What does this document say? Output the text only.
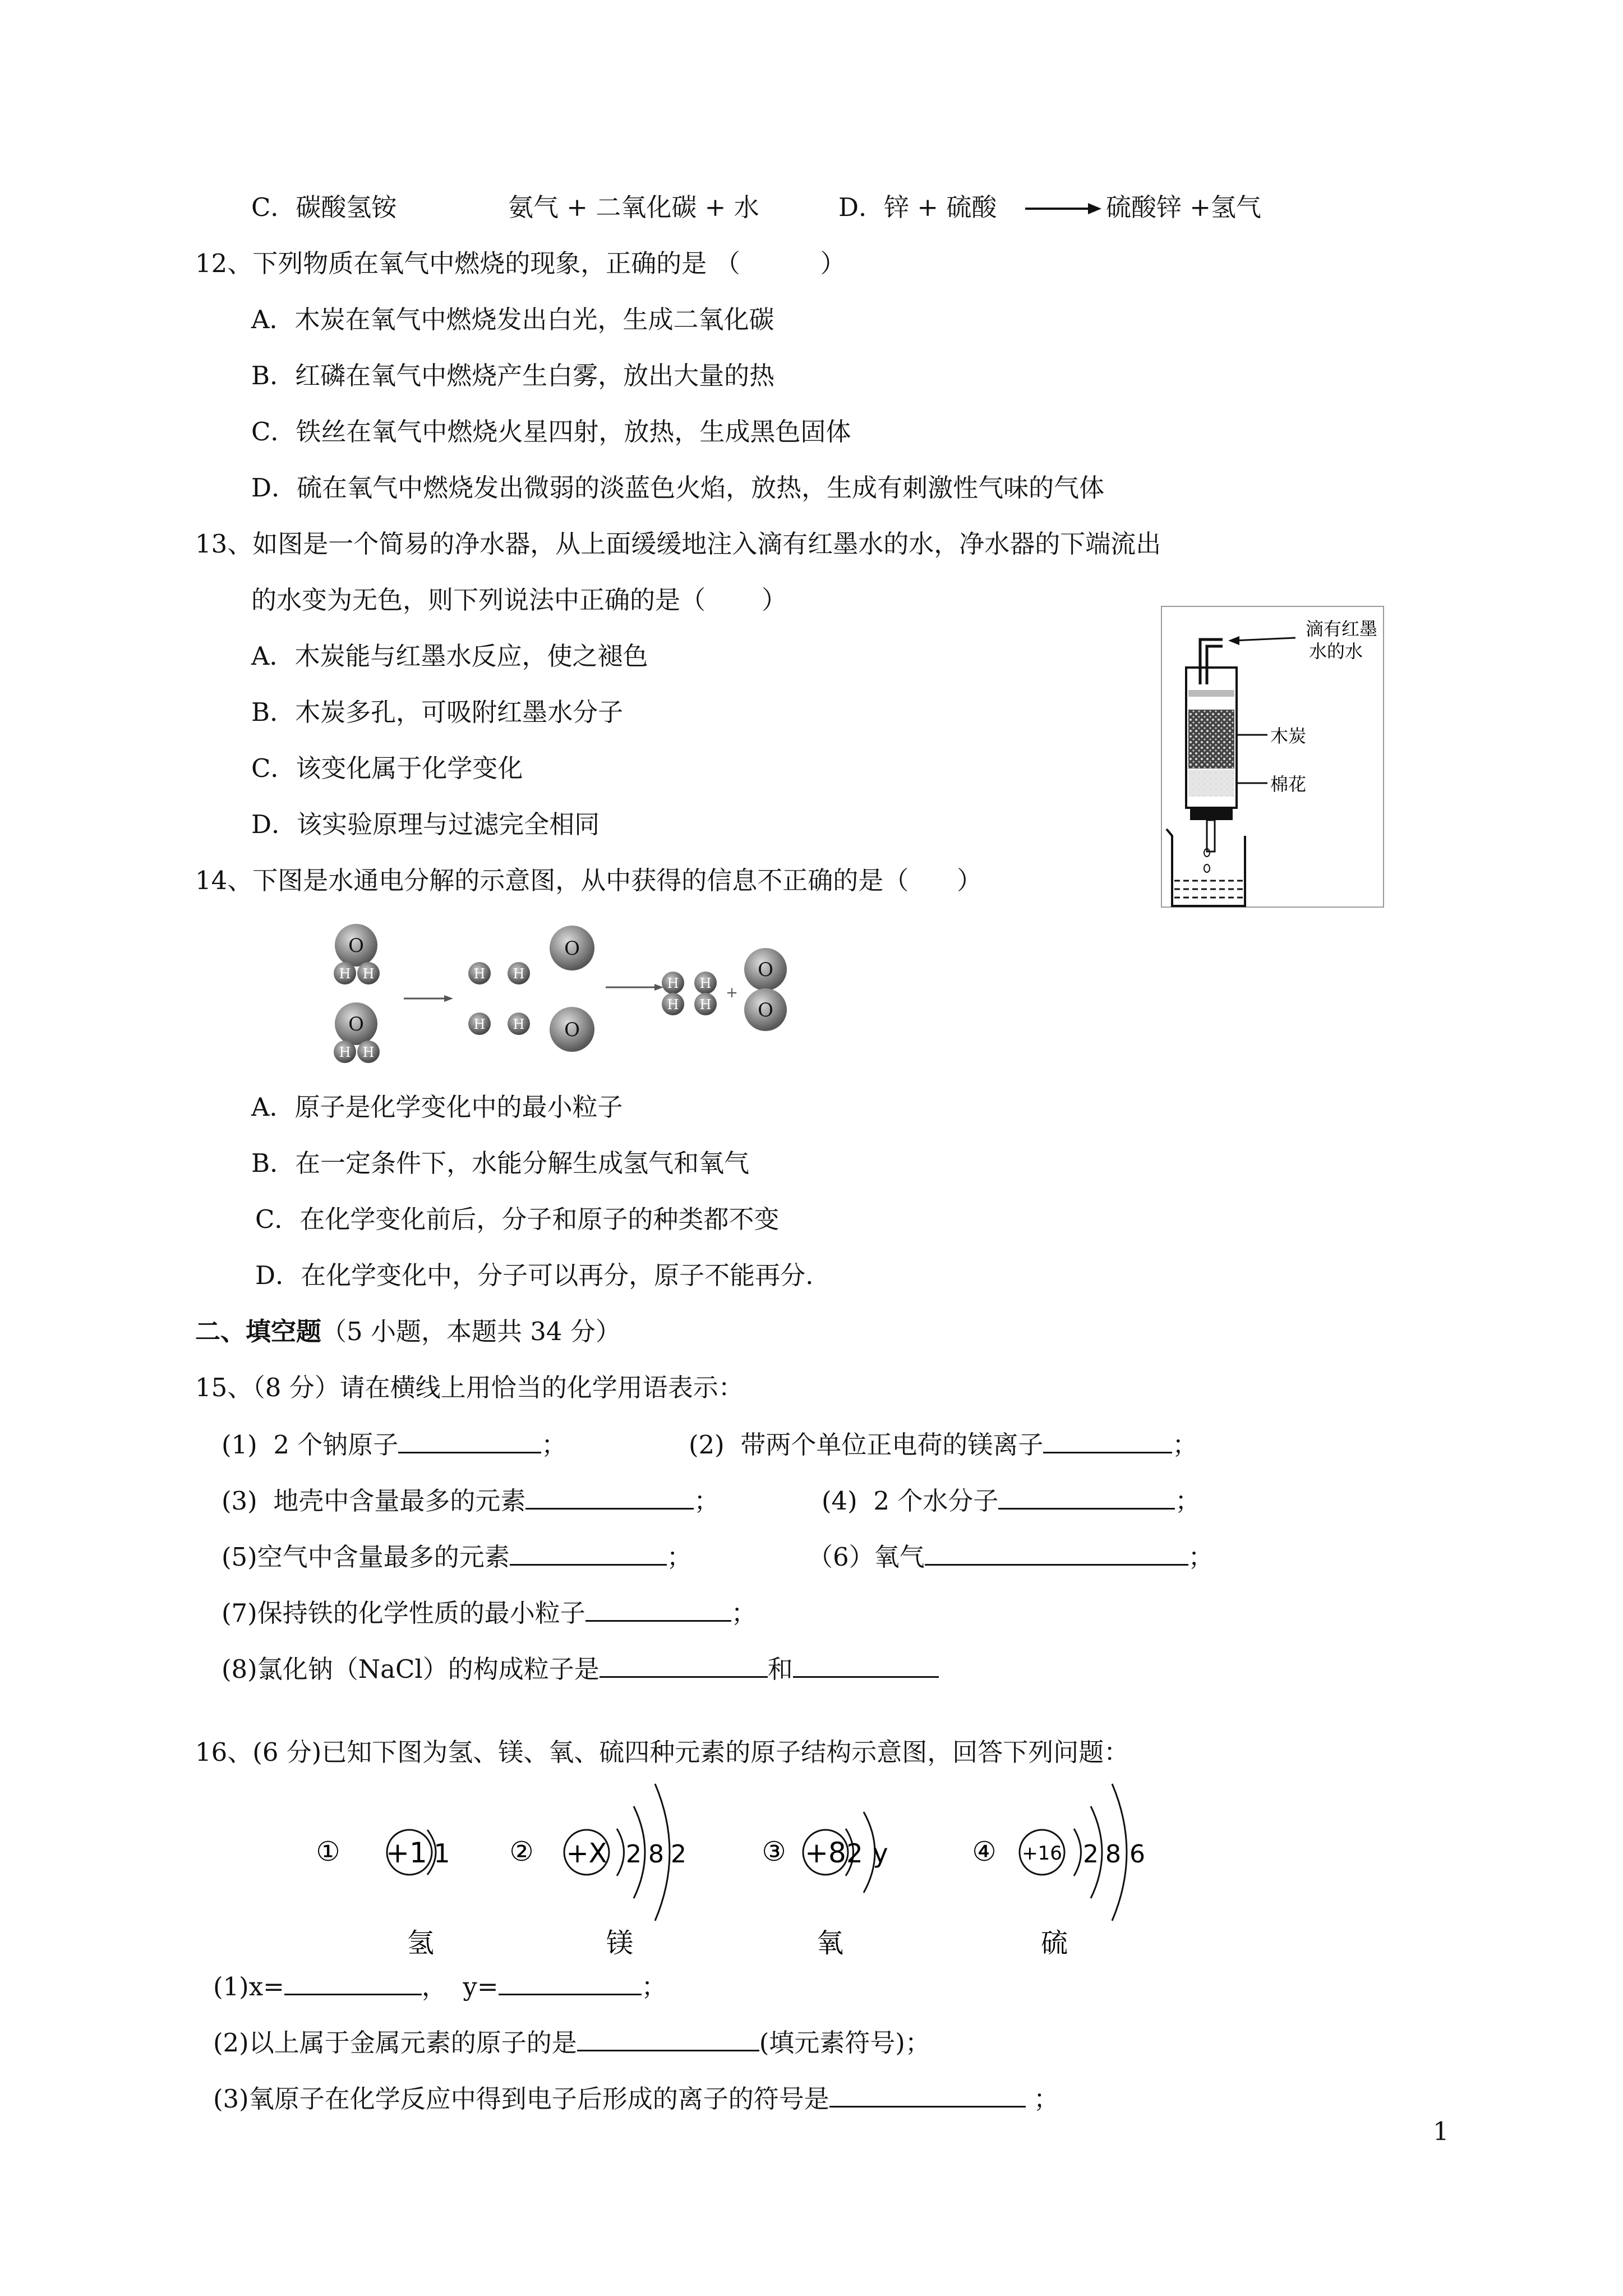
C．碳酸氢铵	氨气 + 二氧化碳 + 水	D．锌 + 硫酸	硫酸锌 +氢气
12、下列物质在氧气中燃烧的现象，正确的是 （          ）
A．木炭在氧气中燃烧发出白光，生成二氧化碳
B．红磷在氧气中燃烧产生白雾，放出大量的热
C．铁丝在氧气中燃烧火星四射，放热，生成黑色固体
D．硫在氧气中燃烧发出微弱的淡蓝色火焰，放热，生成有刺激性气味的气体
13、如图是一个简易的净水器，从上面缓缓地注入滴有红墨水的水，净水器的下端流出
的水变为无色，则下列说法中正确的是（       ）
A．木炭能与红墨水反应，使之褪色
B．木炭多孔，可吸附红墨水分子
C．该变化属于化学变化
D．该实验原理与过滤完全相同
滴有红墨
水的水
木炭
棉花
14、下图是水通电分解的示意图，从中获得的信息不正确的是（      ）
O
H H
O
H H
H H
H H
O
O
H
H
H
H
+
O
O
A．原子是化学变化中的最小粒子
B．在一定条件下，水能分解生成氢气和氧气
C．在化学变化前后，分子和原子的种类都不变
D．在化学变化中，分子可以再分，原子不能再分.
二、填空题（5 小题，本题共 34 分）
15、（8 分）请在横线上用恰当的化学用语表示：
(1)  2 个钠原子	；	(2)  带两个单位正电荷的镁离子	；
(3)  地壳中含量最多的元素	；	(4)  2 个水分子	；
(5)空气中含量最多的元素	；	（6）氧气	；
(7)保持铁的化学性质的最小粒子	；
(8)氯化钠（NaCl）的构成粒子是	和
16、(6 分)已知下图为氢、镁、氧、硫四种元素的原子结构示意图，回答下列问题：
① +1 1
氢
② +X 2 8 2
镁
③ +8 2 y
氧
④ +16 2 8 6
硫
(1)x=	，  y=	；
(2)以上属于金属元素的原子的是	(填元素符号)；
(3)氧原子在化学反应中得到电子后形成的离子的符号是	；
1
